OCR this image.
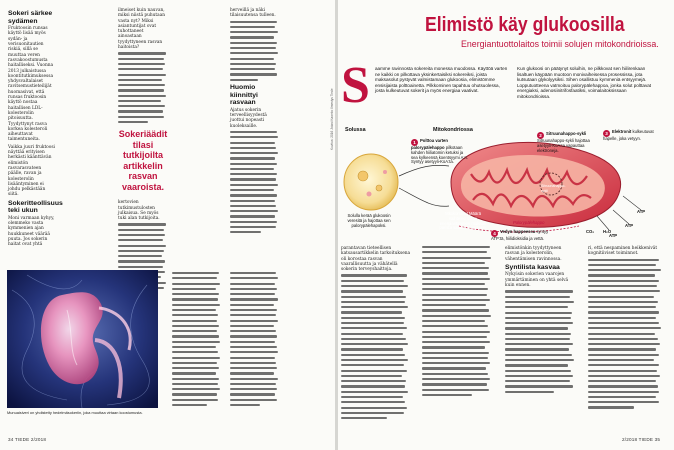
Sokeri särkee sydämen

Fruktoosin runsas käyttö lisää myös sydän- ja verisuonitautien riskiä, sillä se muuttaa veren rasvakoostumusta haitalliseksi. Vuonna 2013 julkaistussa koontitutkimuksessa yhdysvaltalaiset ravitsemustieteilijät huomasivat, että runsas fruktoosin käyttö nostaa haitallisen LDL-kolesterolin pitoisuutta. Tyydyttynyt rasva korkea kolesteroli aiheuttavat taimentuneita.

Vaikka juuri fruktoosi näyttää erityisen herkästi käänttävän elimistön rasvarasvateen päälle, ravan ja kolesterolin lisääntyminen ei johdu pelkästään siitä.

Sokeritteollisuus teki ukun

Moni varmaan kyhyy, olemmeko vasta kymmenien ajan huukkuneet väärää puuta. Jos sokerin haitat ovat yhtä

ilmeiset kuin nauvan, miksi niistä puhutaan vasta nyt? Miksi asiantuntijat ovat tuhottaneet ainoastaan tyydyttyneen rasvan haitoista?

Sokeriäädit tilasi tutkijoilta artikkelin rasvan vaaroista.

kertovien tutkimustulosten julkaisua. Se myös tuki alan tutkijoita.

herveillä ja näki tilaisuutensa tulleen.

Huomio kiinnittyi rasvaan

Ajatus sokerin terveellisyydestä juottui nopeasti kuoleksaille.

Munuaisiveri on yhdistetty hedelmäsokeriin, joka muuttaa virtaan koostumusta.
34 TIEDE 2/2018
Kuvitus: 2016 Joiani Kaneko Ilmestys Tiede
Elimistö käy glukoosilla
Energiantuottolaitos toimii solujen mitokondrioissa.
S aamme ravinnosta sokereita monessa muodossa. Käyttöä varten ne kaikki on pilkottava yksinkertaisiksi sokereiksi, joista maksasolut pystyvät valmistamaan glukoosia, elimistömme ensisijaista polttoainetta. Pilkkominen tapahtuu ohutsuolessa, josta kulkeutuvat sokerit ja myös energiaa vaativat.
Kun glukoosi on päätynyt soluihin, ne pilkkovat sen hiilirenkaan lisaltuen käypään muotoon monivaiheisessa prosessissa, jota kutsutaan glykolyysiksi. Sihen osallistuu kymmeniä entsyymejä. Lopputuotteena vatmoituu palorypälehappoa, jonka solut polttavat energiaksi, adenosiinitrifosfaatiksi, voimalaitoksissaan mitokondrioissa.
Solussa	Mitokondriossa
Solulla kerää glukoosin veresitä ja hajottaa sen palorypälehapoksi.
1 Polttoa varten palorypälehappo pilkotaan kahden hiiliatomin ketuksi ja sea kylkeensä koentsyymi A:n. Syntyy asetyyli-KoA:ta.
2 Sitruunahappo-sykli Sitruunahappo-sykli hajottaa asetyyli-KoA:ta vapauttaa elektroneja.
3 Elektronit kulkeutuvat hapelle, joka vetyyn.
Mitokondriot Määrä vaihtelee solun energiantarpeen mukaan parista sataan tuhanteen.
Sitruunahappo-sykli
Palorypälehappo
4 Vedyn happeessa syntyy ATP:tä, hiilidioksidia ja vettä.
CO₂ H₂O
ATP
ATP
ATP

parantavan tieteellisen katsausartikkelin tarkoituksena oli korostaa rasvan vaarallisuutta ja vähätellä sokerin terveyshaittoja.

elimistönkin tyydyttyneen rasvan ja kolesterolin, vähentämisen ravinnossa.

Syntilista kasvaa

Nykyisin sokerien vaarojen ymmärtäminen on yhtä selvä kuin ennen.

ri, että nespaminen heikkenivät kognitiiviset toiminnot.

2/2018 TIEDE 35
